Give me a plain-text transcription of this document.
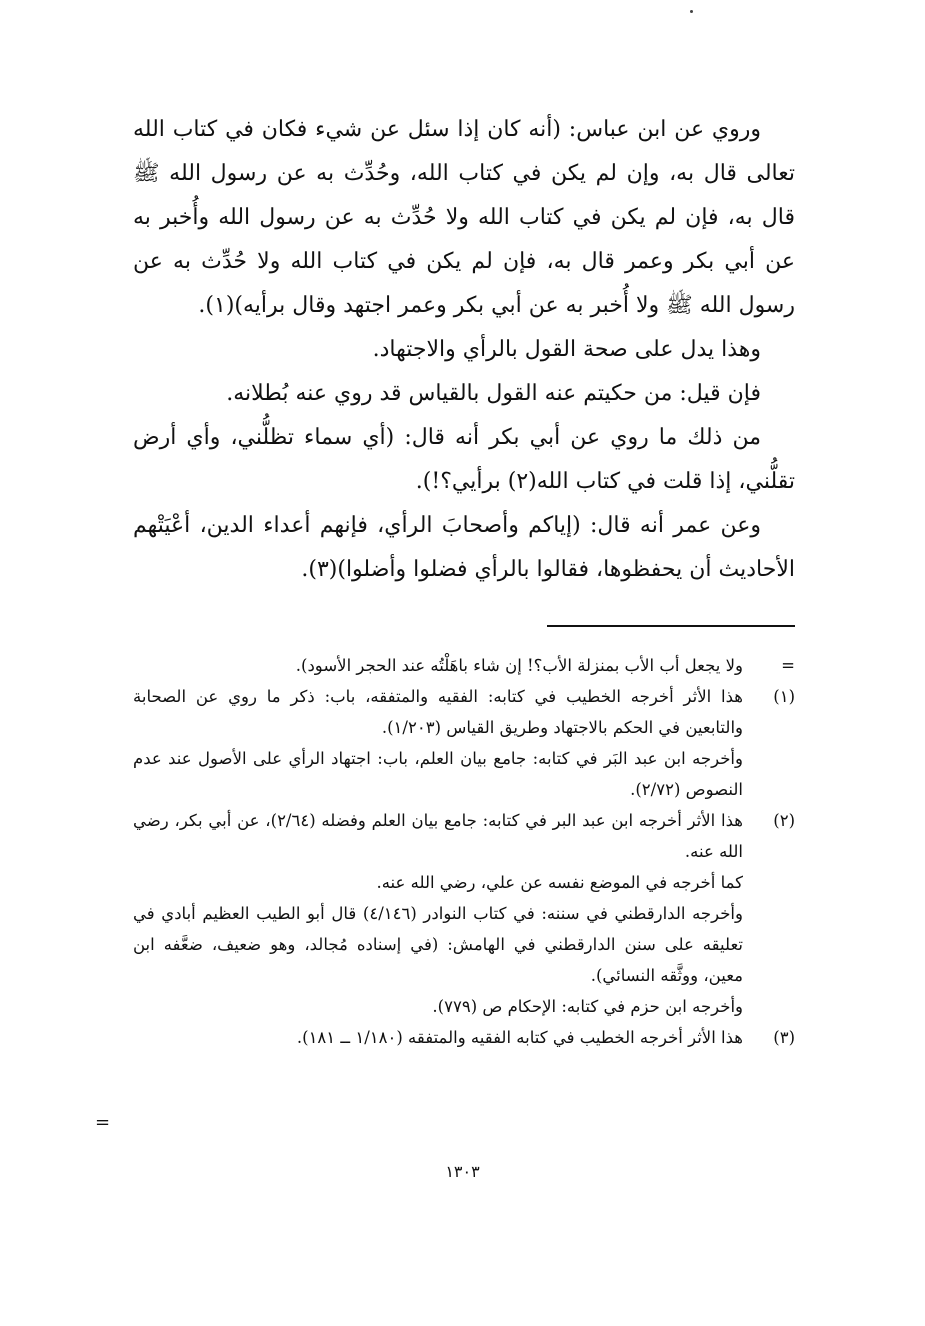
وروي عن ابن عباس: (أنه كان إذا سئل عن شيء فكان في كتاب الله تعالى قال به، وإن لم يكن في كتاب الله، وحُدِّث به عن رسول الله ﷺ قال به، فإن لم يكن في كتاب الله ولا حُدِّث به عن رسول الله وأُخبر به عن أبي بكر وعمر قال به، فإن لم يكن في كتاب الله ولا حُدِّث به عن رسول الله ﷺ ولا أُخبر به عن أبي بكر وعمر اجتهد وقال برأيه)(١).

وهذا يدل على صحة القول بالرأي والاجتهاد.

فإن قيل: من حكيتم عنه القول بالقياس قد روي عنه بُطلانه.

من ذلك ما روي عن أبي بكر أنه قال: (أي سماء تظلُّني، وأي أرض تقلُّني، إذا قلت في كتاب الله(٢) برأيي؟!).

وعن عمر أنه قال: (إياكم وأصحابَ الرأي، فإنهم أعداء الدين، أعْيَتْهم الأحاديث أن يحفظوها، فقالوا بالرأي فضلوا وأضلوا)(٣).

=

ولا يجعل أب الأب بمنزلة الأب؟! إن شاء باهَلْتُه عند الحجر الأسود).

(١)

هذا الأثر أخرجه الخطيب في كتابه: الفقيه والمتفقه، باب: ذكر ما روي عن الصحابة والتابعين في الحكم بالاجتهاد وطريق القياس (١/٢٠٣).

وأخرجه ابن عبد البَر في كتابه: جامع بيان العلم، باب: اجتهاد الرأي على الأصول عند عدم النصوص (٢/٧٢).

(٢)

هذا الأثر أخرجه ابن عبد البر في كتابه: جامع بيان العلم وفضله (٢/٦٤)، عن أبي بكر، رضي الله عنه.

كما أخرجه في الموضع نفسه عن علي، رضي الله عنه.

وأخرجه الدارقطني في سننه: في كتاب النوادر (٤/١٤٦) قال أبو الطيب العظيم أبادي في تعليقه على سنن الدارقطني في الهامش: (في إسناده مُجالد، وهو ضعيف، ضعَّفه ابن معين، ووثَّقه النسائي).

وأخرجه ابن حزم في كتابه: الإحكام ص (٧٧٩).

(٣)

هذا الأثر أخرجه الخطيب في كتابه الفقيه والمتفقه (١/١٨٠ ــ ١٨١).

=
١٣٠٣
